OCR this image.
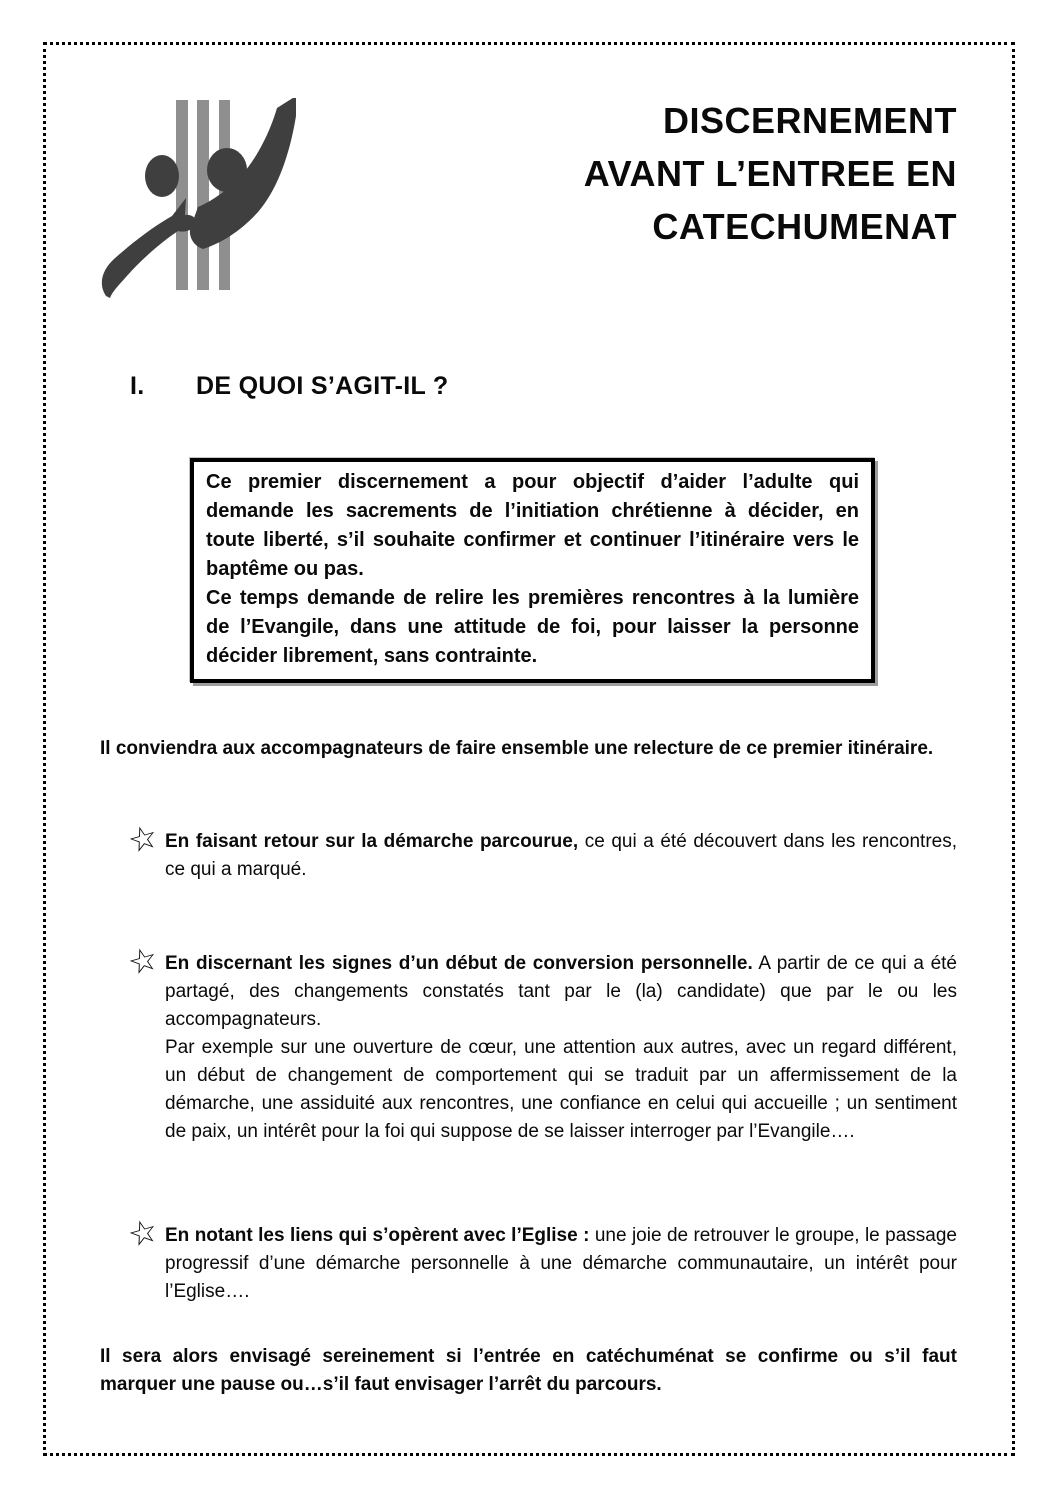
DISCERNEMENT
AVANT L’ENTREE EN
CATECHUMENAT
I. DE QUOI S’AGIT-IL ?

Ce premier discernement a pour objectif d’aider l’adulte qui demande les sacrements de l’initiation chrétienne à décider, en toute liberté, s’il souhaite confirmer et continuer l’itinéraire vers le baptême ou pas.

Ce temps demande de relire les premières rencontres à la lumière de l’Evangile, dans une attitude de foi, pour laisser la personne décider librement, sans contrainte.

Il conviendra aux accompagnateurs de faire ensemble une relecture de ce premier itinéraire.
☆ En faisant retour sur la démarche parcourue, ce qui a été découvert dans les rencontres, ce qui a marqué.

☆ En discernant les signes d’un début de conversion personnelle. A partir de ce qui a été partagé, des changements constatés tant par le (la) candidate) que par le ou les accompagnateurs.

Par exemple sur une ouverture de cœur, une attention aux autres, avec un regard différent, un début de changement de comportement qui se traduit par un affermissement de la démarche, une assiduité aux rencontres, une confiance en celui qui accueille ; un sentiment de paix, un intérêt pour la foi qui suppose de se laisser interroger par l’Evangile….

☆ En notant les liens qui s’opèrent avec l’Eglise : une joie de retrouver le groupe, le passage progressif d’une démarche personnelle à une démarche communautaire, un intérêt pour l’Eglise….

Il sera alors envisagé sereinement si l’entrée en catéchuménat se confirme ou s’il faut marquer une pause ou…s’il faut envisager l’arrêt du parcours.
